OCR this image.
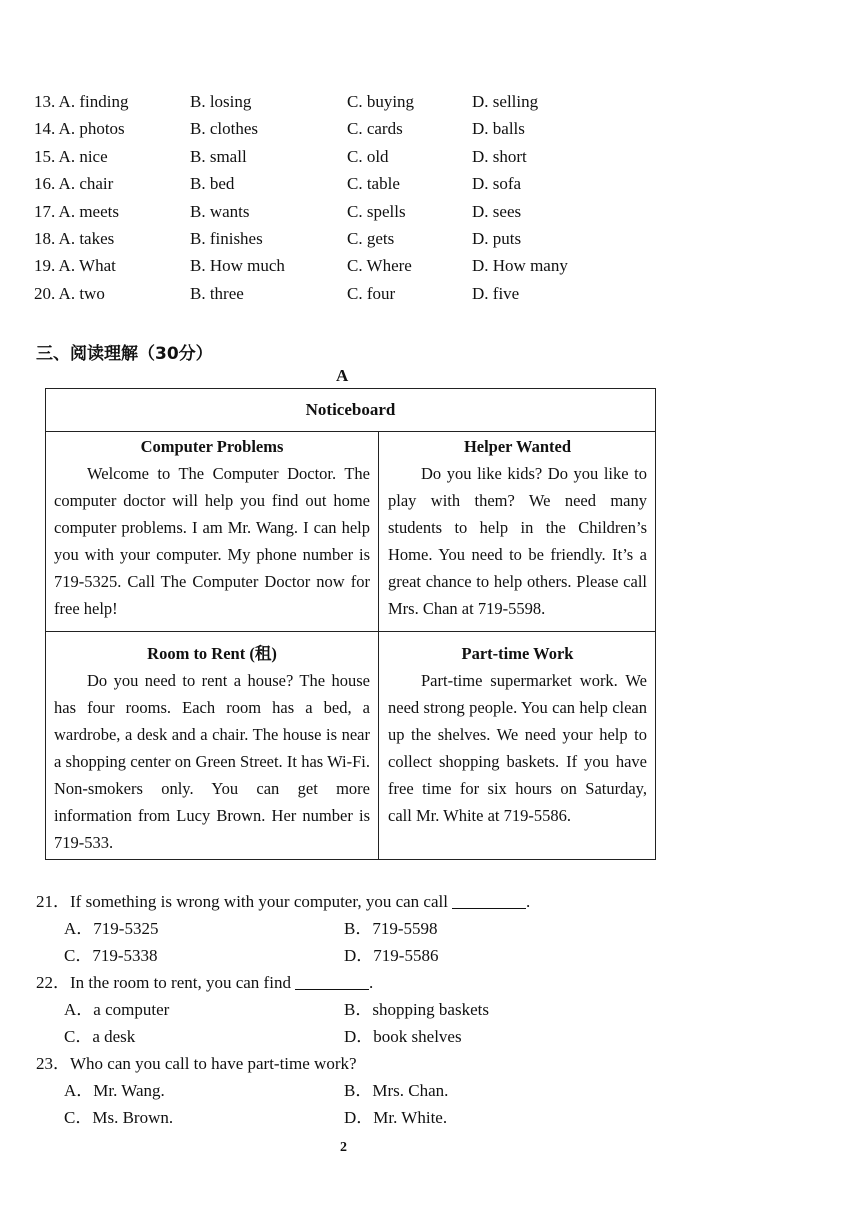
13. A. finding	B. losing	C. buying	D. selling
14. A. photos	B. clothes	C. cards	D. balls
15. A. nice	B. small	C. old	D. short
16. A. chair	B. bed	C. table	D. sofa
17. A. meets	B. wants	C. spells	D. sees
18. A. takes	B. finishes	C. gets	D. puts
19. A. What	B. How much	C. Where	D. How many
20. A. two	B. three	C. four	D. five
三、阅读理解（30分）
A
Noticeboard
Computer Problems

Welcome to The Computer Doctor. The computer doctor will help you find out home computer problems. I am Mr. Wang. I can help you with your computer. My phone number is 719-5325. Call The Computer Doctor now for free help!

Helper Wanted

Do you like kids? Do you like to play with them? We need many students to help in the Children’s Home. You need to be friendly. It’s a great chance to help others. Please call Mrs. Chan at 719-5598.

Room to Rent (租)

Do you need to rent a house? The house has four rooms. Each room has a bed, a wardrobe, a desk and a chair. The house is near a shopping center on Green Street. It has Wi-Fi. Non-smokers only. You can get more information from Lucy Brown. Her number is 719-533.

Part-time Work

Part-time supermarket work. We need strong people. You can help clean up the shelves. We need your help to collect shopping baskets. If you have free time for six hours on Saturday, call Mr. White at 719-5586.

21．If something is wrong with your computer, you can call	.
A．719-5325	B．719-5598
C．719-5338	D．719-5586
22．In the room to rent, you can find	.
A．a computer	B．shopping baskets
C．a desk	D．book shelves
23．Who can you call to have part-time work?
A．Mr. Wang.	B．Mrs. Chan.
C．Ms. Brown.	D．Mr. White.
2
